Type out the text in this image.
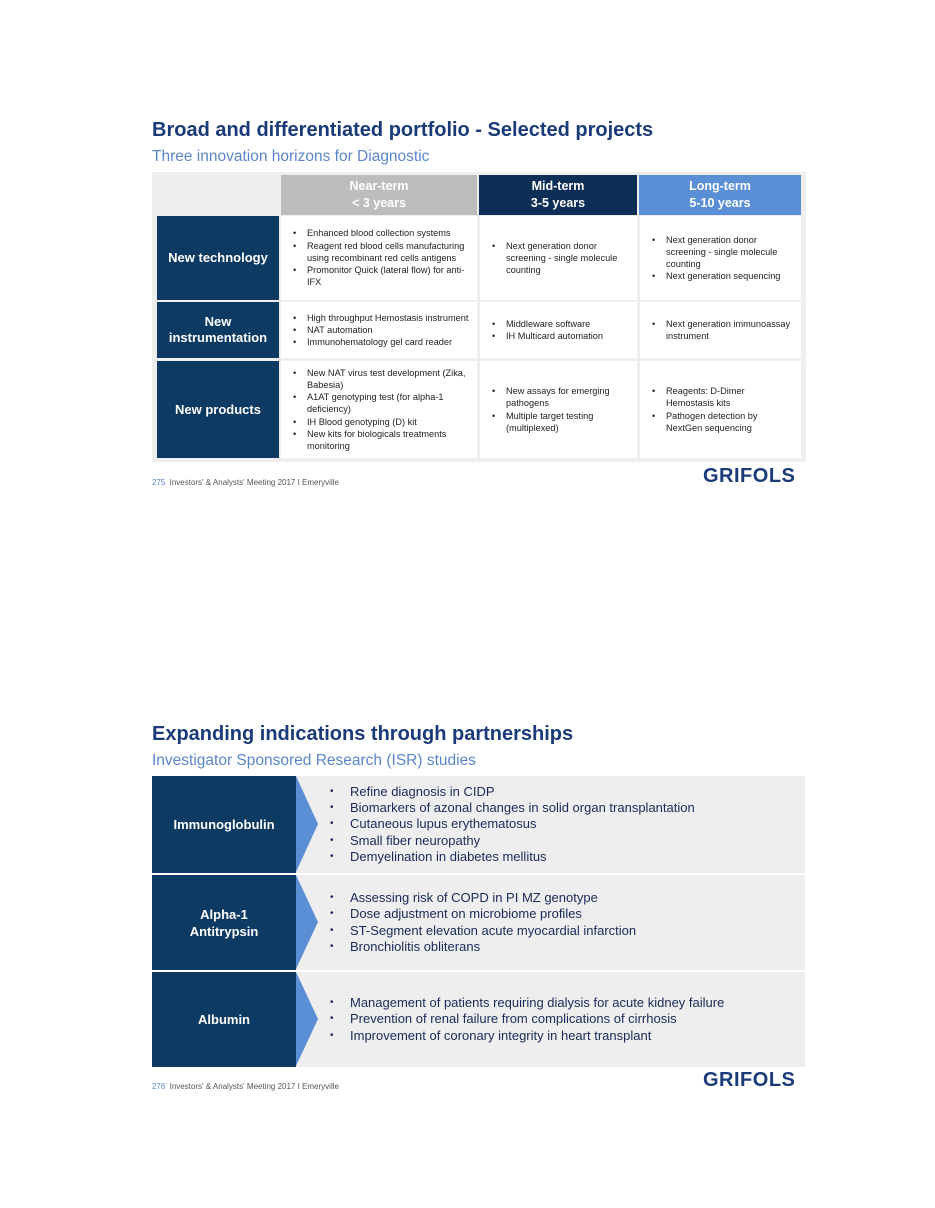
Broad and differentiated portfolio - Selected projects
Three innovation horizons for Diagnostic
Near-term
< 3 years
Mid-term
3-5 years
Long-term
5-10 years
New technology
• Enhanced blood collection systems
• Reagent red blood cells manufacturing using recombinant red cells antigens
• Promonitor Quick (lateral flow) for anti-IFX
• Next generation donor screening - single molecule counting
• Next generation donor screening - single molecule counting
• Next generation sequencing
New instrumentation
• High throughput Hemostasis instrument
• NAT automation
• Immunohematology gel card reader
• Middleware software
• IH Multicard automation
• Next generation immunoassay instrument
New products
• New NAT virus test development (Zika, Babesia)
• A1AT genotyping test (for alpha-1 deficiency)
• IH Blood genotyping (D) kit
• New kits for biologicals treatments monitoring
• New assays for emerging pathogens
• Multiple target testing (multiplexed)
• Reagents: D-Dimer Hemostasis kits
• Pathogen detection by NextGen sequencing
275 Investors' & Analysts' Meeting 2017 I Emeryville	GRIFOLS
Expanding indications through partnerships
Investigator Sponsored Research (ISR) studies
• Refine diagnosis in CIDP
• Biomarkers of azonal changes in solid organ transplantation
• Cutaneous lupus erythematosus
• Small fiber neuropathy
• Demyelination in diabetes mellitus
Immunoglobulin
• Assessing risk of COPD in PI MZ genotype
• Dose adjustment on microbiome profiles
• ST-Segment elevation acute myocardial infarction
• Bronchiolitis obliterans
Alpha-1 Antitrypsin
• Management of patients requiring dialysis for acute kidney failure
• Prevention of renal failure from complications of cirrhosis
• Improvement of coronary integrity in heart transplant
Albumin
276 Investors' & Analysts' Meeting 2017 I Emeryville	GRIFOLS
